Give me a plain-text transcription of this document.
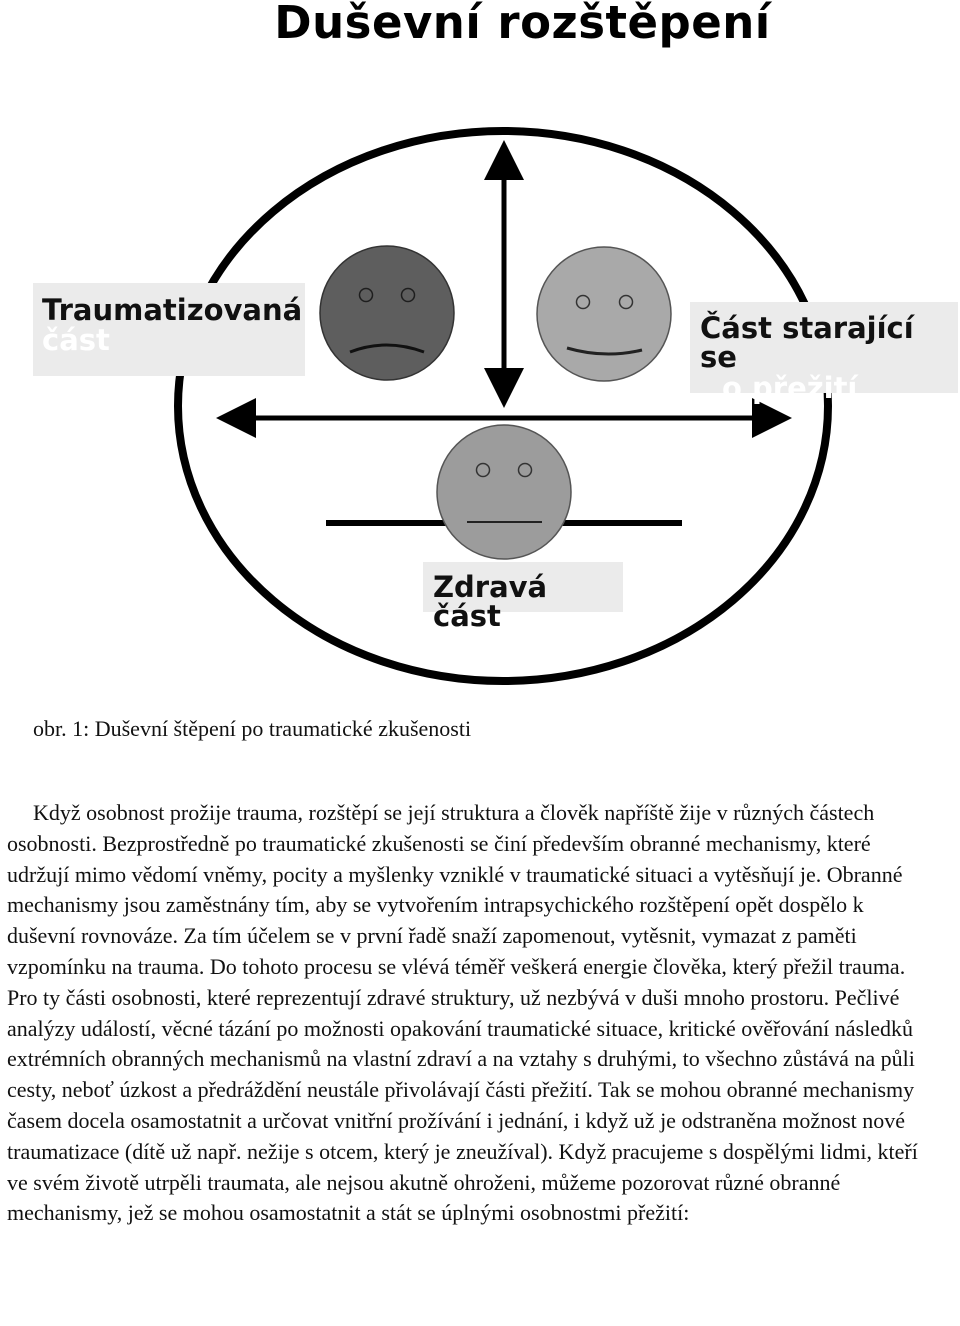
Duševní rozštěpení
Traumatizovaná
část	Část starající se
o přežití
Zdravá část

obr. 1: Duševní štěpení po traumatické zkušenosti

Když osobnost prožije trauma, rozštěpí se její struktura a člověk napříště žije v různých částech osobnosti. Bezprostředně po traumatické zkušenosti se činí především obranné mechanismy, které udržují mimo vědomí vněmy, pocity a myšlenky vzniklé v traumatické situaci a vytěsňují je. Obranné mechanismy jsou zaměstnány tím, aby se vytvořením intrapsychického rozštěpení opět dospělo k duševní rovnováze. Za tím účelem se v první řadě snaží zapomenout, vytěsnit, vymazat z paměti vzpomínku na trauma. Do tohoto procesu se vlévá téměř veškerá energie člověka, který přežil trauma. Pro ty části osobnosti, které reprezentují zdravé struktury, už nezbývá v duši mnoho prostoru. Pečlivé analýzy událostí, věcné tázání po možnosti opakování traumatické situace, kritické ověřování následků extrémních obranných mechanismů na vlastní zdraví a na vztahy s druhými, to všechno zůstává na půli cesty, neboť úzkost a předráždění neustále přivolávají části přežití. Tak se mohou obranné mechanismy časem docela osamostatnit a určovat vnitřní prožívání i jednání, i když už je odstraněna možnost nové traumatizace (dítě už např. nežije s otcem, který je zneužíval). Když pracujeme s dospělými lidmi, kteří ve svém životě utrpěli traumata, ale nejsou akutně ohroženi, můžeme pozorovat různé obranné mechanismy, jež se mohou osamostatnit a stát se úplnými osobnostmi přežití:
